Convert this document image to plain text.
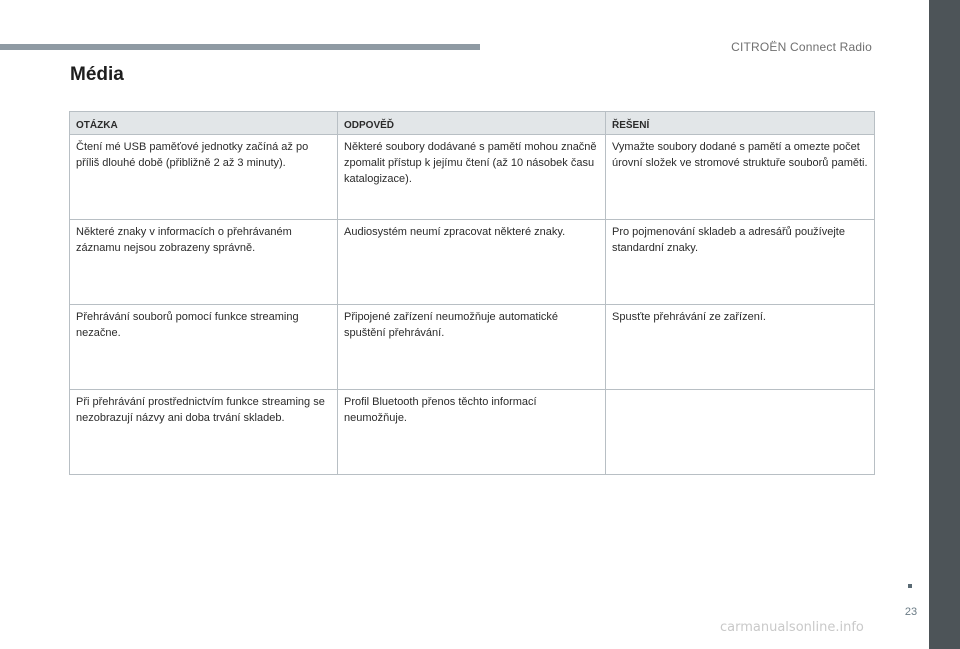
CITROËN Connect Radio
23
Média
OTÁZKA	ODPOVĚĎ	ŘEŠENÍ
Čtení mé USB paměťové jednotky začíná až po příliš dlouhé době (přibližně 2 až 3 minuty).	Některé soubory dodávané s pamětí mohou značně zpomalit přístup k jejímu čtení (až 10 násobek času katalogizace).	Vymažte soubory dodané s pamětí a omezte počet úrovní složek ve stromové struktuře souborů paměti.
Některé znaky v informacích o přehrávaném záznamu nejsou zobrazeny správně.	Audiosystém neumí zpracovat některé znaky.	Pro pojmenování skladeb a adresářů používejte standardní znaky.
Přehrávání souborů pomocí funkce streaming nezačne.	Připojené zařízení neumožňuje automatické spuštění přehrávání.	Spusťte přehrávání ze zařízení.
Při přehrávání prostřednictvím funkce streaming se nezobrazují názvy ani doba trvání skladeb.	Profil Bluetooth přenos těchto informací neumožňuje.	
carmanualsonline.info
